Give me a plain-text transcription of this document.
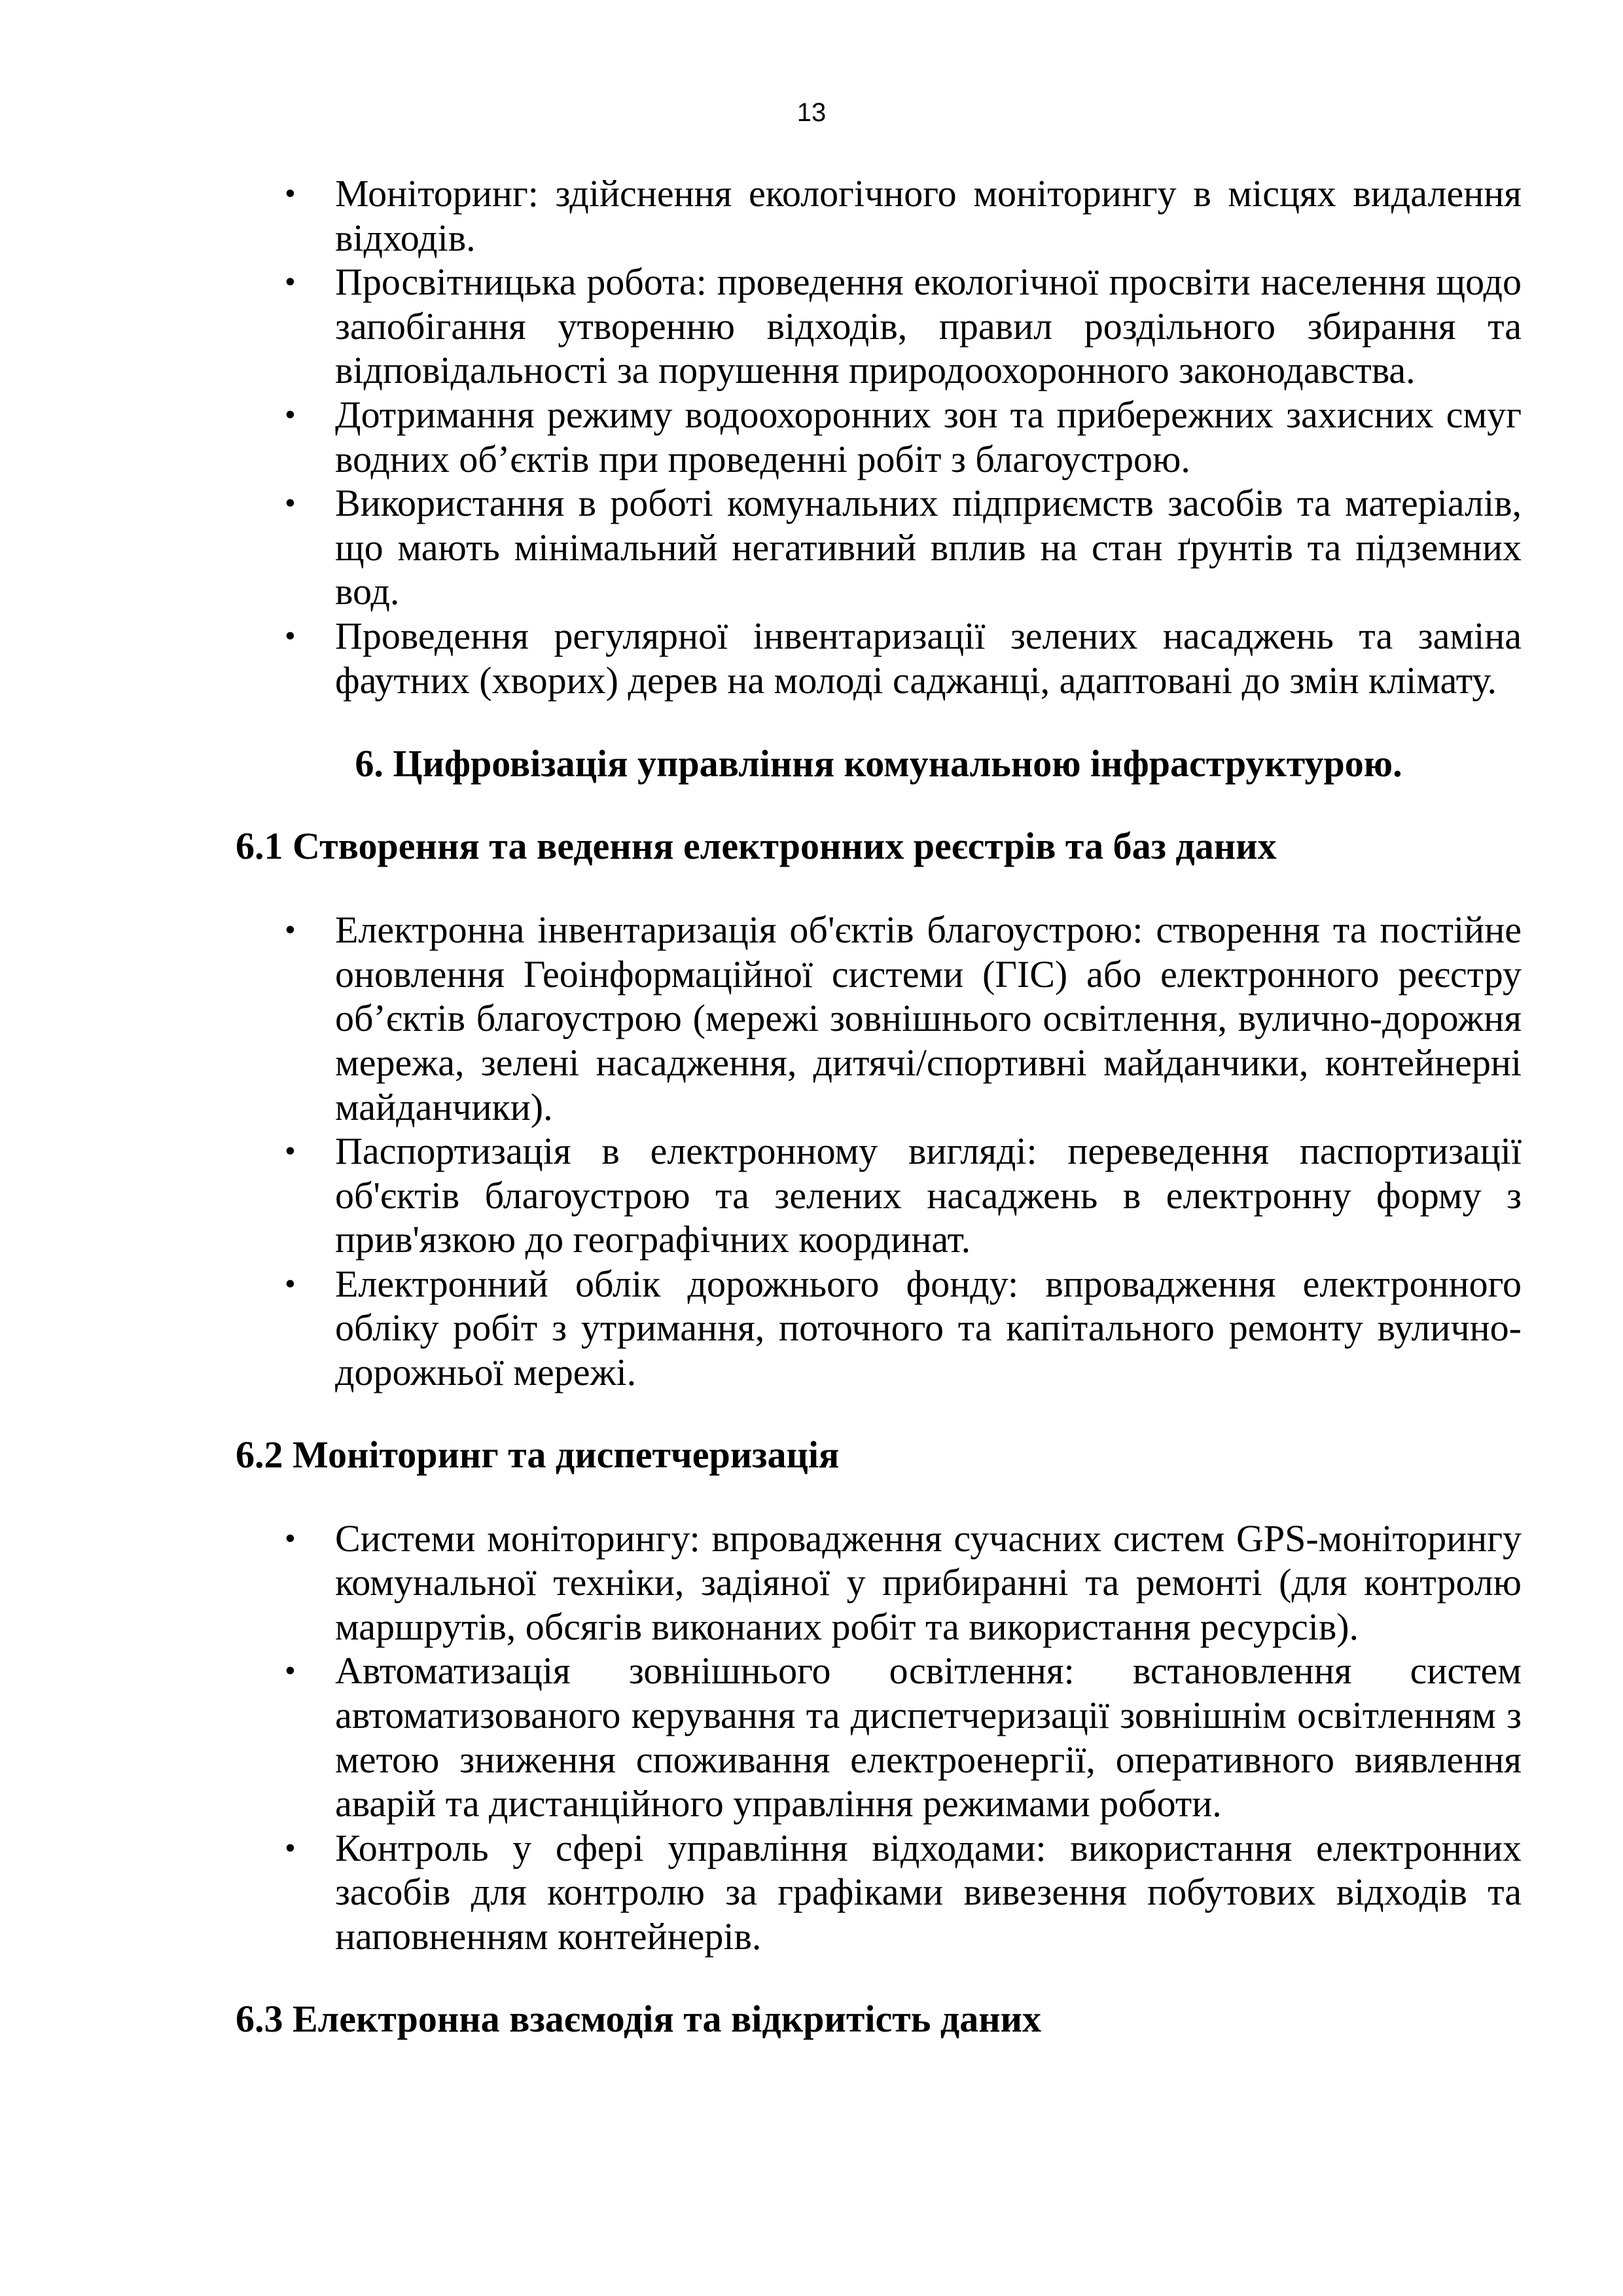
13
• Моніторинг: здійснення екологічного моніторингу в місцях видалення відходів.
• Просвітницька робота: проведення екологічної просвіти населення щодо запобігання утворенню відходів, правил роздільного збирання та відповідальності за порушення природоохоронного законодавства.
• Дотримання режиму водоохоронних зон та прибережних захисних смуг водних об’єктів при проведенні робіт з благоустрою.
• Використання в роботі комунальних підприємств засобів та матеріалів, що мають мінімальний негативний вплив на стан ґрунтів та підземних вод.
• Проведення регулярної інвентаризації зелених насаджень та заміна фаутних (хворих) дерев на молоді саджанці, адаптовані до змін клімату.
6. Цифровізація управління комунальною інфраструктурою.
6.1 Створення та ведення електронних реєстрів та баз даних
• Електронна інвентаризація об'єктів благоустрою: створення та постійне оновлення Геоінформаційної системи (ГІС) або електронного реєстру об’єктів благоустрою (мережі зовнішнього освітлення, вулично-дорожня мережа, зелені насадження, дитячі/спортивні майданчики, контейнерні майданчики).
• Паспортизація в електронному вигляді: переведення паспортизації об'єктів благоустрою та зелених насаджень в електронну форму з прив'язкою до географічних координат.
• Електронний облік дорожнього фонду: впровадження електронного обліку робіт з утримання, поточного та капітального ремонту вулично-дорожньої мережі.
6.2 Моніторинг та диспетчеризація
• Системи моніторингу: впровадження сучасних систем GPS-моніторингу комунальної техніки, задіяної у прибиранні та ремонті (для контролю маршрутів, обсягів виконаних робіт та використання ресурсів).
• Автоматизація зовнішнього освітлення: встановлення систем автоматизованого керування та диспетчеризації зовнішнім освітленням з метою зниження споживання електроенергії, оперативного виявлення аварій та дистанційного управління режимами роботи.
• Контроль у сфері управління відходами: використання електронних засобів для контролю за графіками вивезення побутових відходів та наповненням контейнерів.
6.3 Електронна взаємодія та відкритість даних
